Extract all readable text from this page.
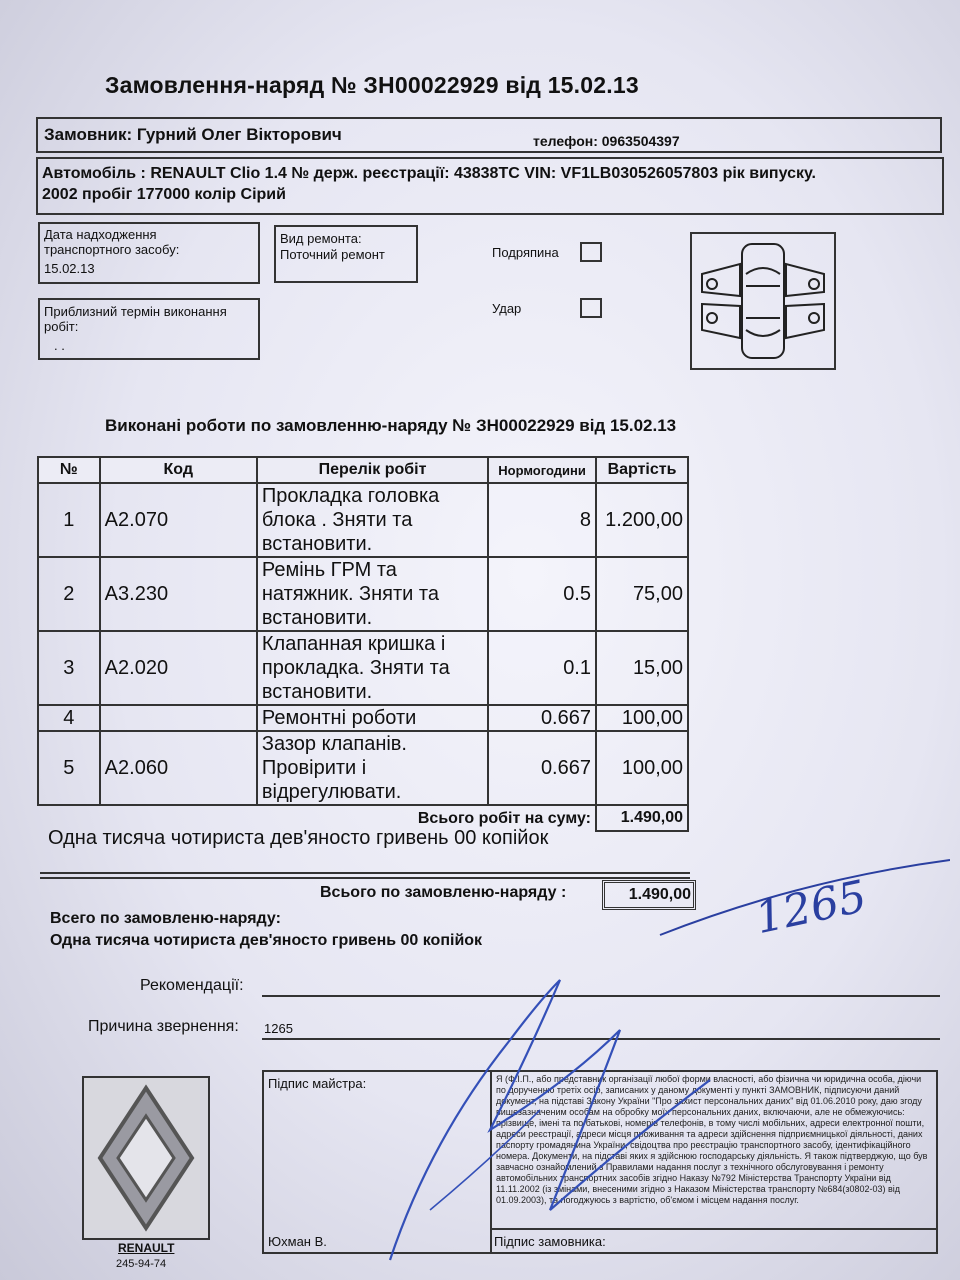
Замовлення-наряд № ЗН00022929 від 15.02.13
Замовник: Гурний Олег Вікторович	телефон: 0963504397
Автомобіль : RENAULT Clio 1.4 № держ. реєстрації: 43838ТС VIN: VF1LB030526057803 рік випуску.
2002 пробіг 177000 колір Сірий
Дата надходження транспортного засобу:
15.02.13
Вид ремонта:
Поточний ремонт	Подряпина
Удар
Приблизний термін виконання робіт:
. .
Виконані роботи по замовленню-наряду № ЗН00022929 від 15.02.13
№	Код	Перелік робіт	Нормогодини	Вартість
1	A2.070	Прокладка головка блока . Зняти та встановити.	8	1.200,00
2	A3.230	Ремінь ГРМ та натяжник. Зняти та встановити.	0.5	75,00
3	A2.020	Клапанная кришка і прокладка. Зняти та встановити.	0.1	15,00
4		Ремонтні роботи	0.667	100,00
5	A2.060	Зазор клапанів. Провірити і відрегулювати.	0.667	100,00
Всього робіт на суму:				1.490,00
Одна тисяча чотириста дев'яносто гривень 00 копійок
Всього по замовленю-наряду :	1.490,00
Всего по замовленю-наряду:
Одна тисяча чотириста дев'яносто гривень 00 копійок	1265
Рекомендації:
Причина звернення: 1265
RENAULT
245-94-74
Підпис майстра:
Юхман В.
Я (Ф.І.П., або представник організації любої форми власності, або фізична чи юридична особа, діючи по дорученню третіх осіб, записаних у даному документі у пункті ЗАМОВНИК, підписуючи даний документ, на підставі Закону України "Про захист персональних даних" від 01.06.2010 року, даю згоду вищезазначеним особам на обробку моїх персональних даних, включаючи, але не обмежуючись: прізвище, імені та по батькові, номерів телефонів, в тому числі мобільних, адреси електронної пошти, адреси реєстрації, адреси місця проживання та адреси здійснення підприємницької діяльності, даних паспорту громадянина України, свідоцтва про реєстрацію транспортного засобу, ідентифікаційного номера. Документи, на підставі яких я здійснюю господарську діяльність. Я також підтверджую, що був завчасно ознайомлений з Правилами надання послуг з технічного обслуговування і ремонту автомобільних транспортних засобів згідно Наказу №792 Міністерства Транспорту України від 11.11.2002 (із змінами, внесеними згідно з Наказом Міністерства транспорту №684(з0802-03) від 01.09.2003), та погоджуюсь з вартістю, об'ємом і місцем надання послуг.
Підпис замовника:
